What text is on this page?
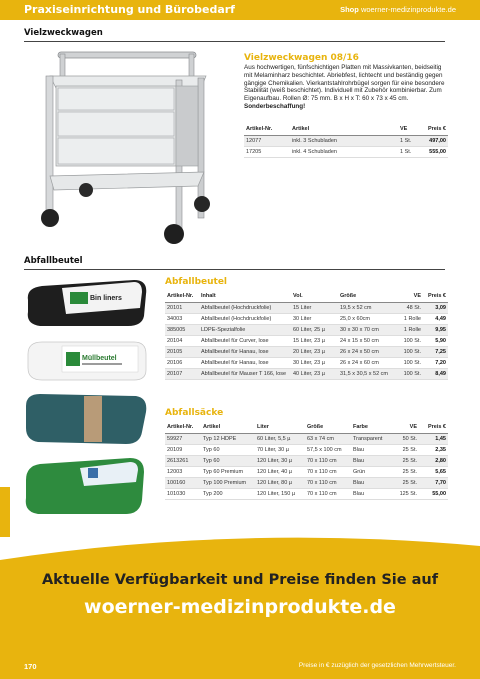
Praxiseinrichtung und Bürobedarf	Shop woerner-medizinprodukte.de
Vielzweckwagen
Vielzweckwagen 08/16
Aus hochwertigen, fünfschichtigen Platten mit Massivkanten, beidseitig mit Melaminharz beschichtet. Abriebfest, lichtecht und beständig gegen gängige Chemikalien. Vierkantstahlrohrbügel sorgen für eine besondere Stabilität (weiß beschichtet). Individuell mit Zubehör kombinierbar. Zum Eigenaufbau. Rollen Ø: 75 mm. B x H x T: 60 x 73 x 45 cm.
Sonderbeschaffung!
Artikel-Nr.	Artikel	VE	Preis €
12077	inkl. 3 Schubladen	1 St.	497,00
17205	inkl. 4 Schubladen	1 St.	555,00
Abfallbeutel
Bin liners
Müllbeutel
Abfallbeutel
Artikel-Nr.	Inhalt	Vol.	Größe	VE	Preis €
20101	Abfallbeutel (Hochdruckfolie)	15 Liter	19,5 x 52 cm	48 St.	3,09
34003	Abfallbeutel (Hochdruckfolie)	30 Liter	25,0 x 60cm	1 Rolle	4,49
385005	LDPE-Spezialfolie	60 Liter, 25 µ	30 x 30 x 70 cm	1 Rolle	9,95
20104	Abfallbeutel für Curver, lose	15 Liter, 23 µ	24 x 15 x 50 cm	100 St.	5,90
20105	Abfallbeutel für Hanau, lose	20 Liter, 23 µ	26 x 24 x 50 cm	100 St.	7,25
20106	Abfallbeutel für Hanau, lose	30 Liter, 23 µ	26 x 24 x 60 cm	100 St.	7,20
20107	Abfallbeutel für Mauser T 166, lose	40 Liter, 23 µ	31,5 x 30,5 x 52 cm	100 St.	8,49
Abfallsäcke
Artikel-Nr.	Artikel	Liter	Größe	Farbe	VE	Preis €
59927	Typ 12 HDPE	60 Liter, 5,5 µ	63 x 74 cm	Transparent	50 St.	1,45
20109	Typ 60	70 Liter, 30 µ	57,5 x 100 cm	Blau	25 St.	2,35
2613261	Typ 60	120 Liter, 30 µ	70 x 110 cm	Blau	25 St.	2,80
12003	Typ 60 Premium	120 Liter, 40 µ	70 x 110 cm	Grün	25 St.	5,65
100160	Typ 100 Premium	120 Liter, 80 µ	70 x 110 cm	Blau	25 St.	7,70
101030	Typ 200	120 Liter, 150 µ	70 x 110 cm	Blau	125 St.	55,00
Aktuelle Verfügbarkeit und Preise finden Sie auf
woerner-medizinprodukte.de
170	Preise in € zuzüglich der gesetzlichen Mehrwertsteuer.
